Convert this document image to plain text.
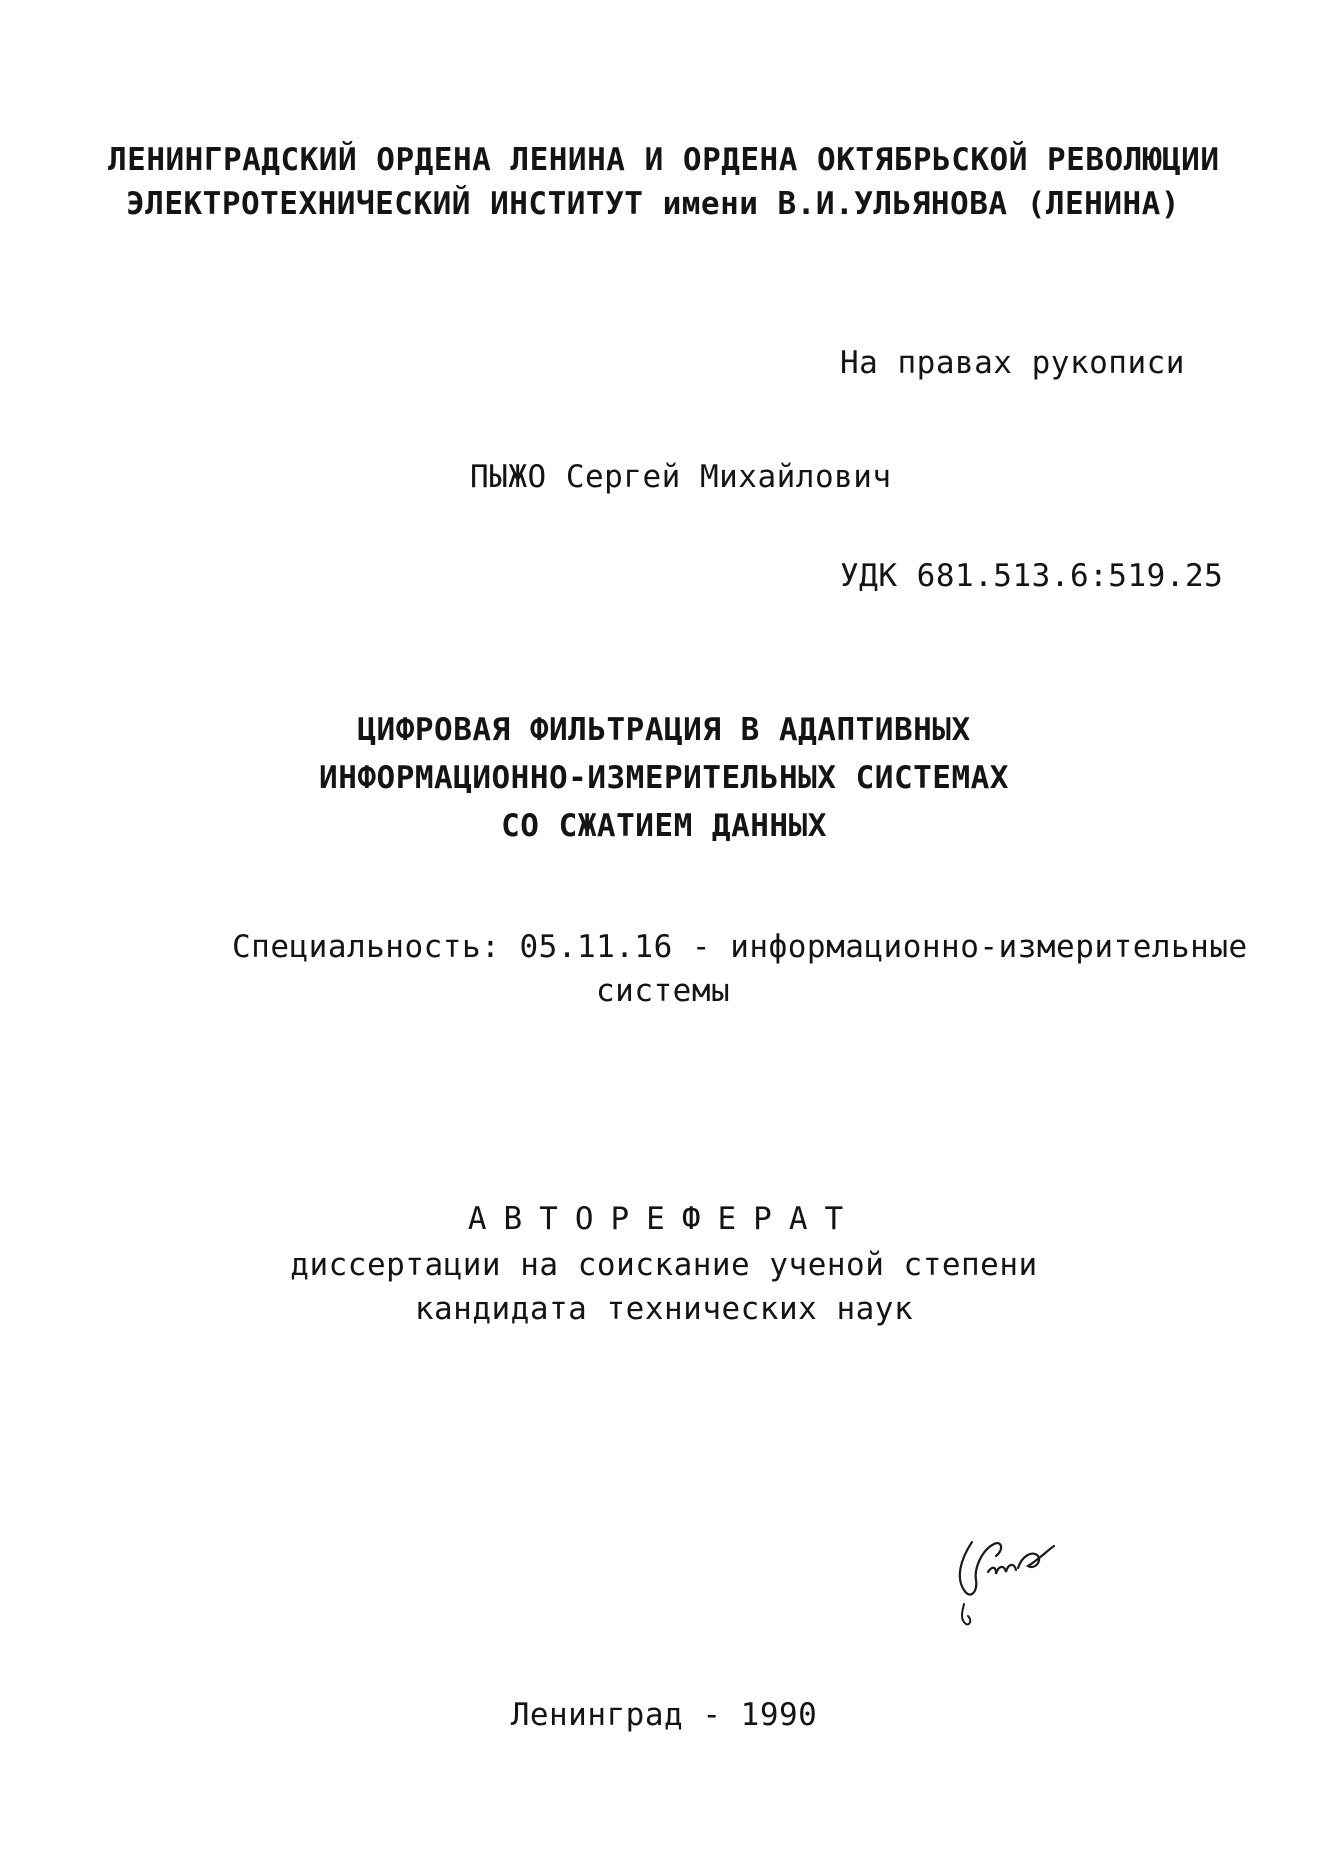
ЛЕНИНГРАДСКИЙ ОРДЕНА ЛЕНИНА И ОРДЕНА ОКТЯБРЬСКОЙ РЕВОЛЮЦИИ
ЭЛЕКТРОТЕХНИЧЕСКИЙ ИНСТИТУТ имени В.И.УЛЬЯНОВА (ЛЕНИНА)
На правах рукописи
ПЫЖО Сергей Михайлович
УДК 681.513.6:519.25
ЦИФРОВАЯ ФИЛЬТРАЦИЯ В АДАПТИВНЫХ
ИНФОРМАЦИОННО-ИЗМЕРИТЕЛЬНЫХ СИСТЕМАХ
СО СЖАТИЕМ ДАННЫХ
Специальность: 05.11.16 - информационно-измерительные
системы
АВТОРЕФЕРАТ
диссертации на соискание ученой степени
кандидата технических наук
Ленинград - 1990
